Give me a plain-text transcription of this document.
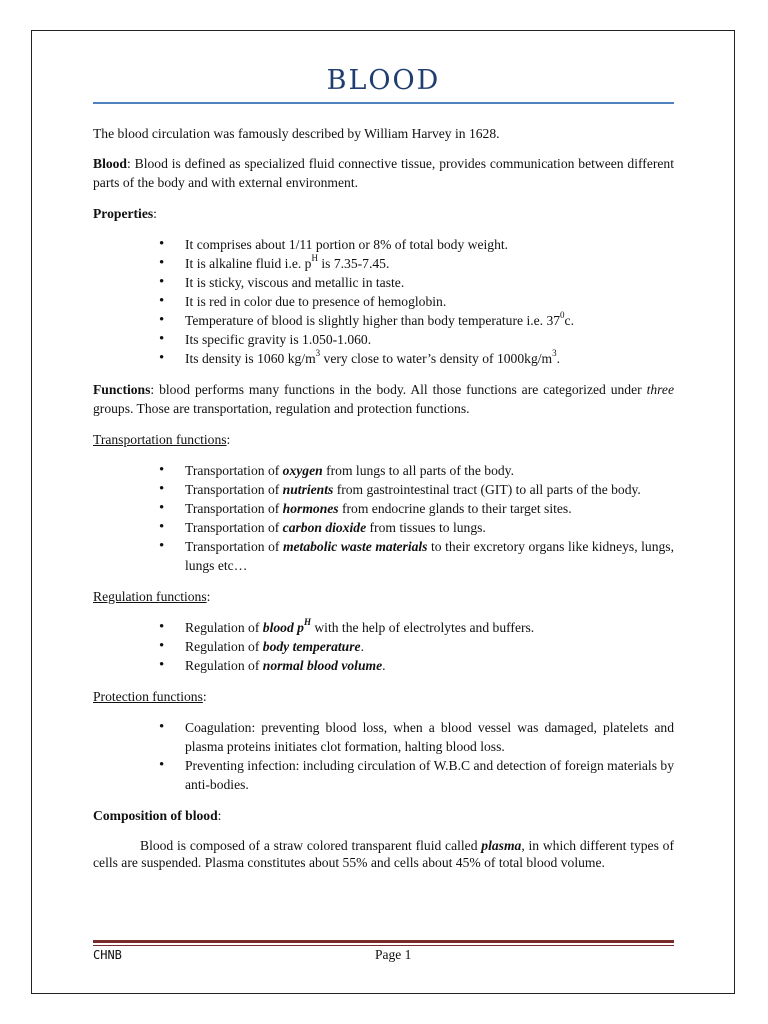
BLOOD

The blood circulation was famously described by William Harvey in 1628.

Blood: Blood is defined as specialized fluid connective tissue, provides communication between different parts of the body and with external environment.

Properties:

• It comprises about 1/11 portion or 8% of total body weight.
• It is alkaline fluid i.e. $p^H$ is 7.35-7.45.
• It is sticky, viscous and metallic in taste.
• It is red in color due to presence of hemoglobin.
• Temperature of blood is slightly higher than body temperature i.e. $37^0c$.
• Its specific gravity is 1.050-1.060.
• Its density is 1060 $kg/m^3$ very close to water’s density of $1000kg/m^3$.

Functions: blood performs many functions in the body. All those functions are categorized under three groups. Those are transportation, regulation and protection functions.

Transportation functions:

• Transportation of oxygen from lungs to all parts of the body.
• Transportation of nutrients from gastrointestinal tract (GIT) to all parts of the body.
• Transportation of hormones from endocrine glands to their target sites.
• Transportation of carbon dioxide from tissues to lungs.
• Transportation of metabolic waste materials to their excretory organs like kidneys, lungs, lungs etc…

Regulation functions:

• Regulation of blood $p^H$ with the help of electrolytes and buffers.
• Regulation of body temperature.
• Regulation of normal blood volume.

Protection functions:

• Coagulation: preventing blood loss, when a blood vessel was damaged, platelets and plasma proteins initiates clot formation, halting blood loss.
• Preventing infection: including circulation of W.B.C and detection of foreign materials by anti-bodies.

Composition of blood:

Blood is composed of a straw colored transparent fluid called plasma, in which different types of cells are suspended. Plasma constitutes about 55% and cells about 45% of total blood volume.

CHNB	Page 1
